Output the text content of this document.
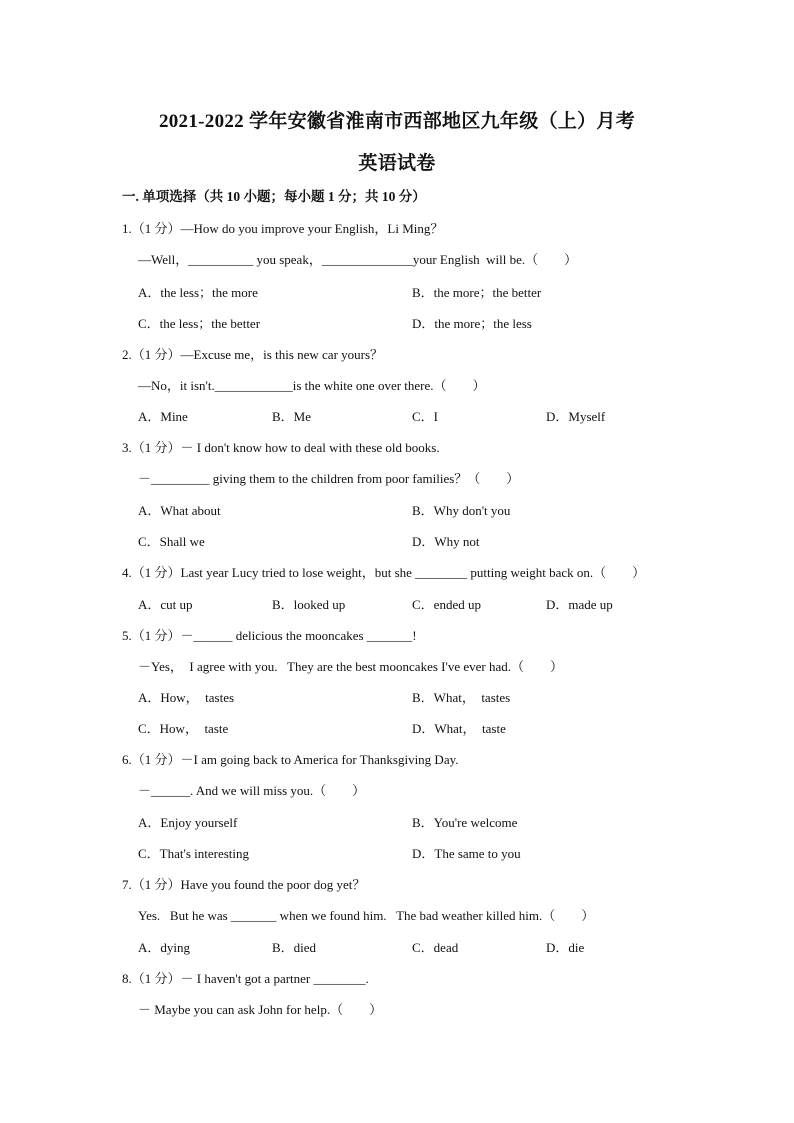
2021-2022 学年安徽省淮南市西部地区九年级（上）月考
英语试卷
一. 单项选择（共 10 小题；每小题 1 分；共 10 分）
1.（1 分）—How do you improve your English，Li Ming？
—Well，__________ you speak，______________your English  will be.（        ）
A．the less；the more	B．the more；the better
C．the less；the better	D．the more；the less
2.（1 分）—Excuse me，is this new car yours？
—No，it isn't.____________is the white one over there.（        ）
A．Mine	B．Me	C．I	D．Myself
3.（1 分）－ I don't know how to deal with these old books.
－_________ giving them to the children from poor families？（        ）
A．What about	B．Why don't you
C．Shall we	D．Why not
4.（1 分）Last year Lucy tried to lose weight，but she ________ putting weight back on.（        ）
A．cut up	B．looked up	C．ended up	D．made up
5.（1 分）－______ delicious the mooncakes _______!
－Yes，  I agree with you.   They are the best mooncakes I've ever had.（        ）
A．How，  tastes	B．What，  tastes
C．How，  taste	D．What，  taste
6.（1 分）－I am going back to America for Thanksgiving Day.
－______. And we will miss you.（        ）
A．Enjoy yourself	B．You're welcome
C．That's interesting	D．The same to you
7.（1 分）Have you found the poor dog yet？
Yes.   But he was _______ when we found him.   The bad weather killed him.（        ）
A．dying	B．died	C．dead	D．die
8.（1 分）－ I haven't got a partner ________.
－ Maybe you can ask John for help.（        ）
